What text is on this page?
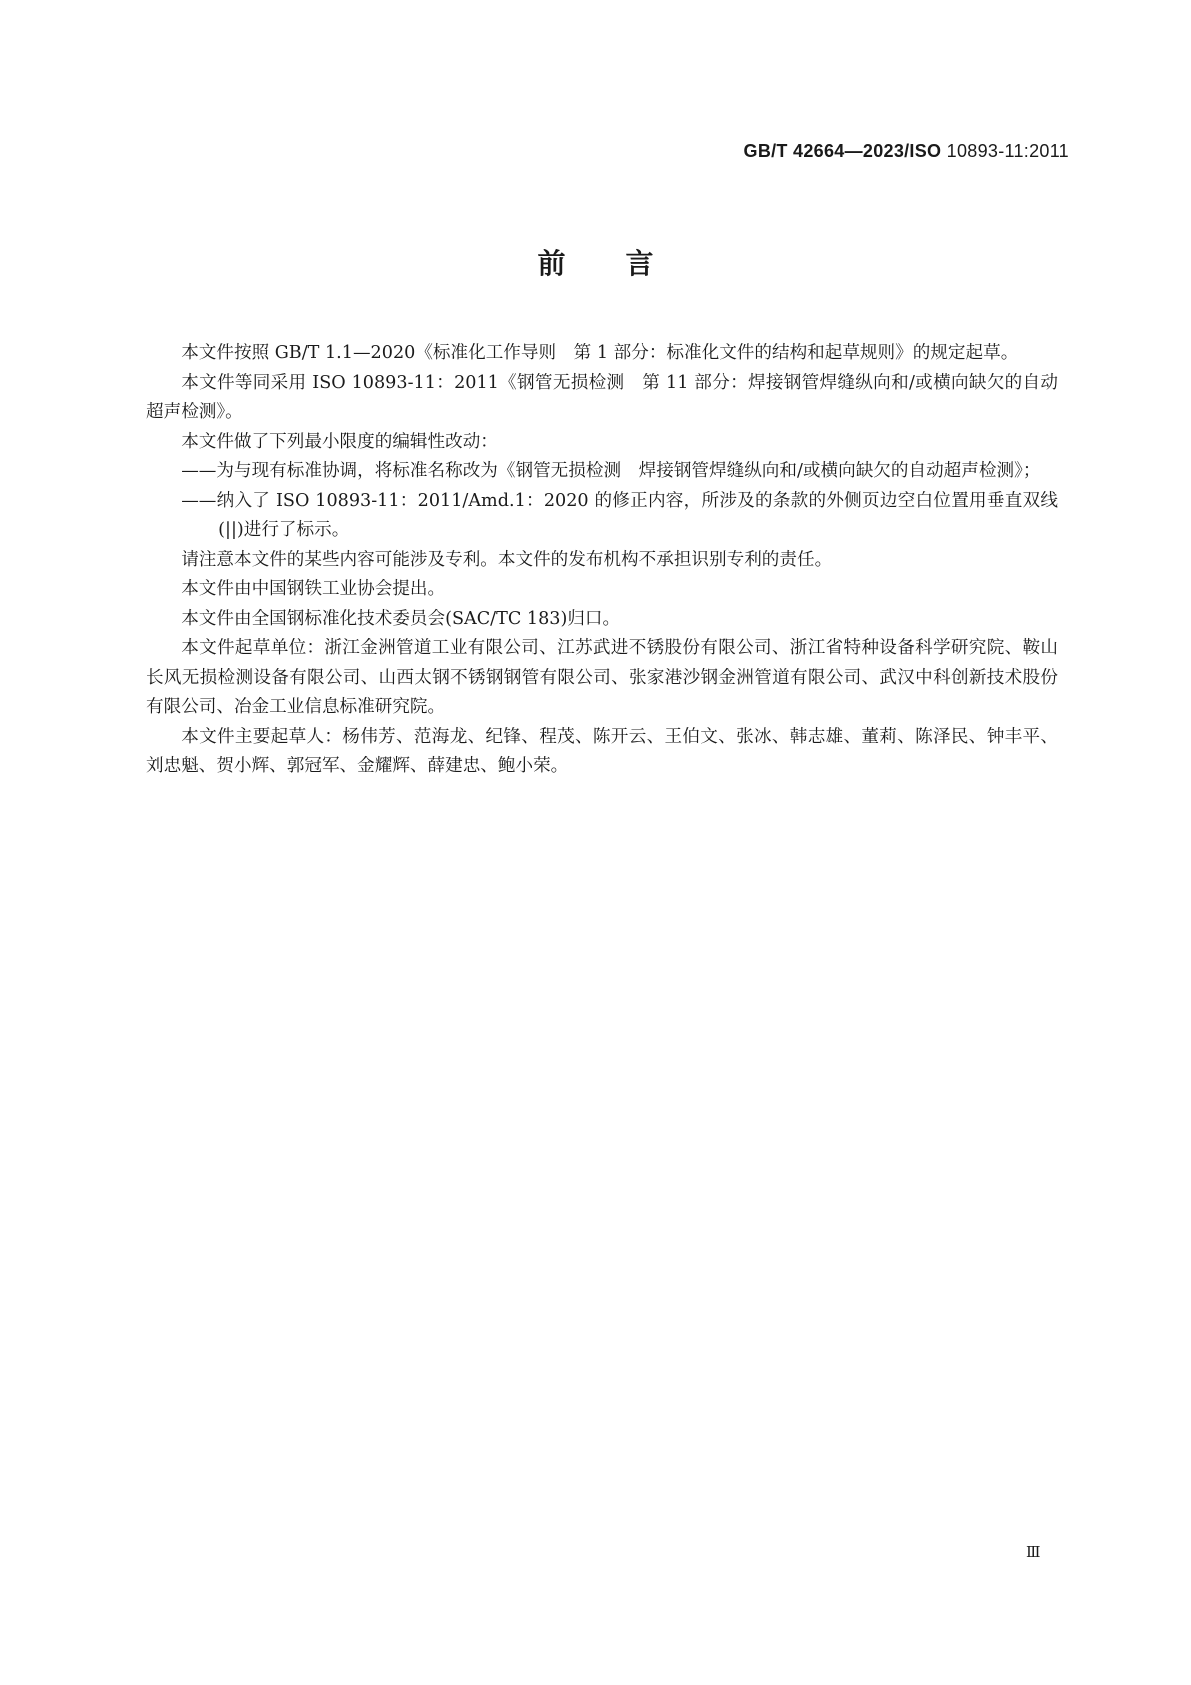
GB/T 42664—2023/ISO 10893-11:2011
前言

本文件按照 GB/T 1.1—2020《标准化工作导则　第 1 部分：标准化文件的结构和起草规则》的规定起草。

本文件等同采用 ISO 10893-11：2011《钢管无损检测　第 11 部分：焊接钢管焊缝纵向和/或横向缺欠的自动超声检测》。

本文件做了下列最小限度的编辑性改动：

——为与现有标准协调，将标准名称改为《钢管无损检测　焊接钢管焊缝纵向和/或横向缺欠的自动超声检测》；

——纳入了 ISO 10893-11：2011/Amd.1：2020 的修正内容，所涉及的条款的外侧页边空白位置用垂直双线(||)进行了标示。

请注意本文件的某些内容可能涉及专利。本文件的发布机构不承担识别专利的责任。

本文件由中国钢铁工业协会提出。

本文件由全国钢标准化技术委员会(SAC/TC 183)归口。

本文件起草单位：浙江金洲管道工业有限公司、江苏武进不锈股份有限公司、浙江省特种设备科学研究院、鞍山长风无损检测设备有限公司、山西太钢不锈钢钢管有限公司、张家港沙钢金洲管道有限公司、武汉中科创新技术股份有限公司、冶金工业信息标准研究院。

本文件主要起草人：杨伟芳、范海龙、纪锋、程茂、陈开云、王伯文、张冰、韩志雄、董莉、陈泽民、钟丰平、刘忠魁、贺小辉、郭冠军、金耀辉、薛建忠、鲍小荣。

Ⅲ
